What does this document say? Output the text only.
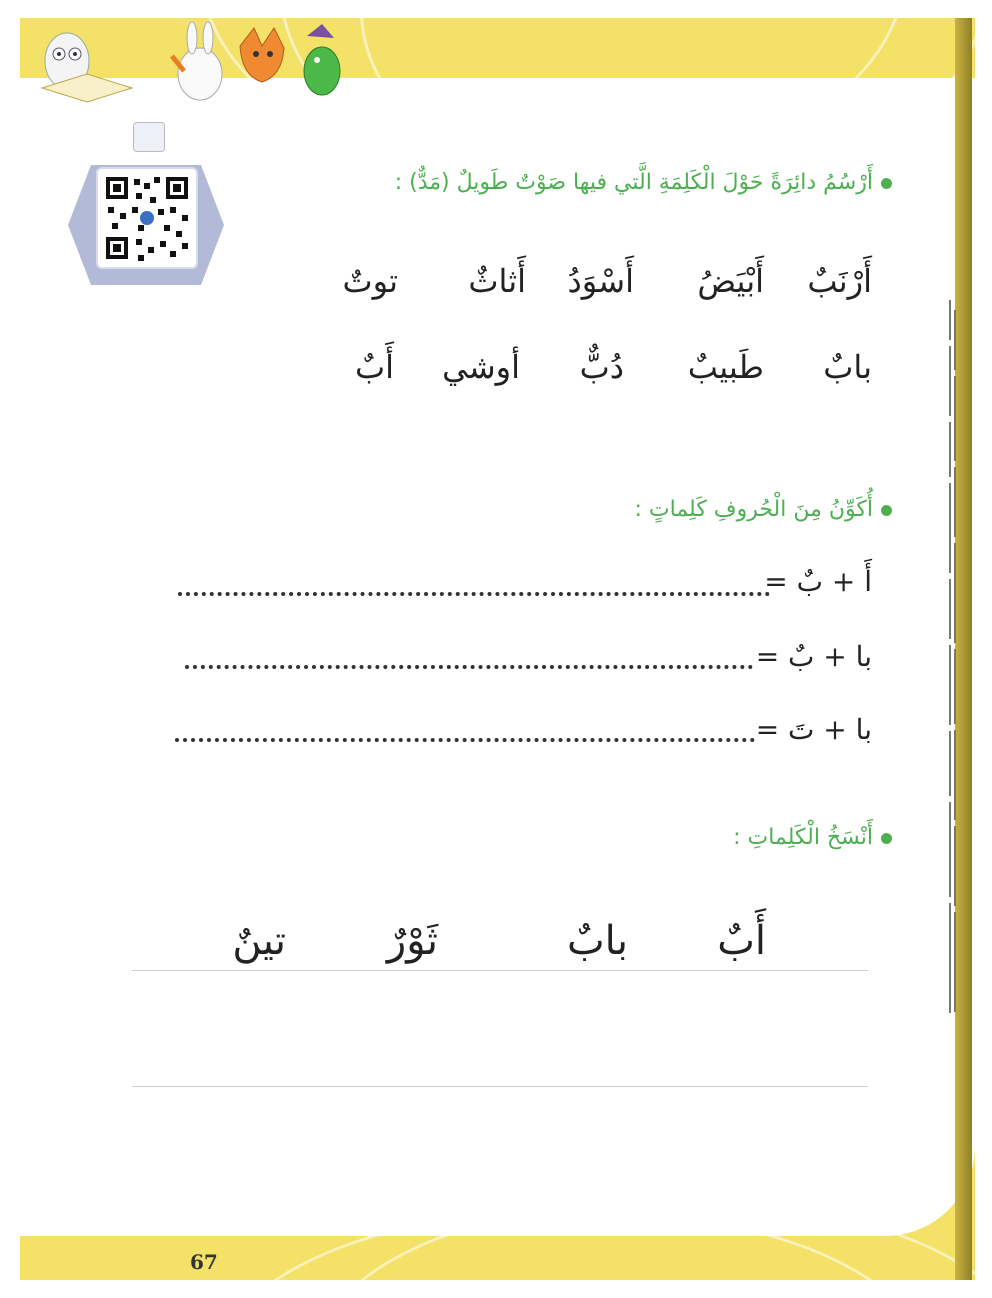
أَرْسُمُ دائِرَةً حَوْلَ الْكَلِمَةِ الَّتي فيها صَوْتٌ طَويلٌ (مَدٌّ) :
أَرْنَبٌ
أَبْيَضُ
أَسْوَدُ
أَثاثٌ
توتٌ
بابٌ
طَبيبٌ
دُبٌّ
أوشي
أَبٌ
أُكَوِّنُ مِنَ الْحُروفِ كَلِماتٍ :
أَ + بٌ =
با + بٌ =
با + تَ =
أَنْسَخُ الْكَلِماتِ :
أَبٌ
بابٌ
ثَوْرٌ
تينٌ
67
